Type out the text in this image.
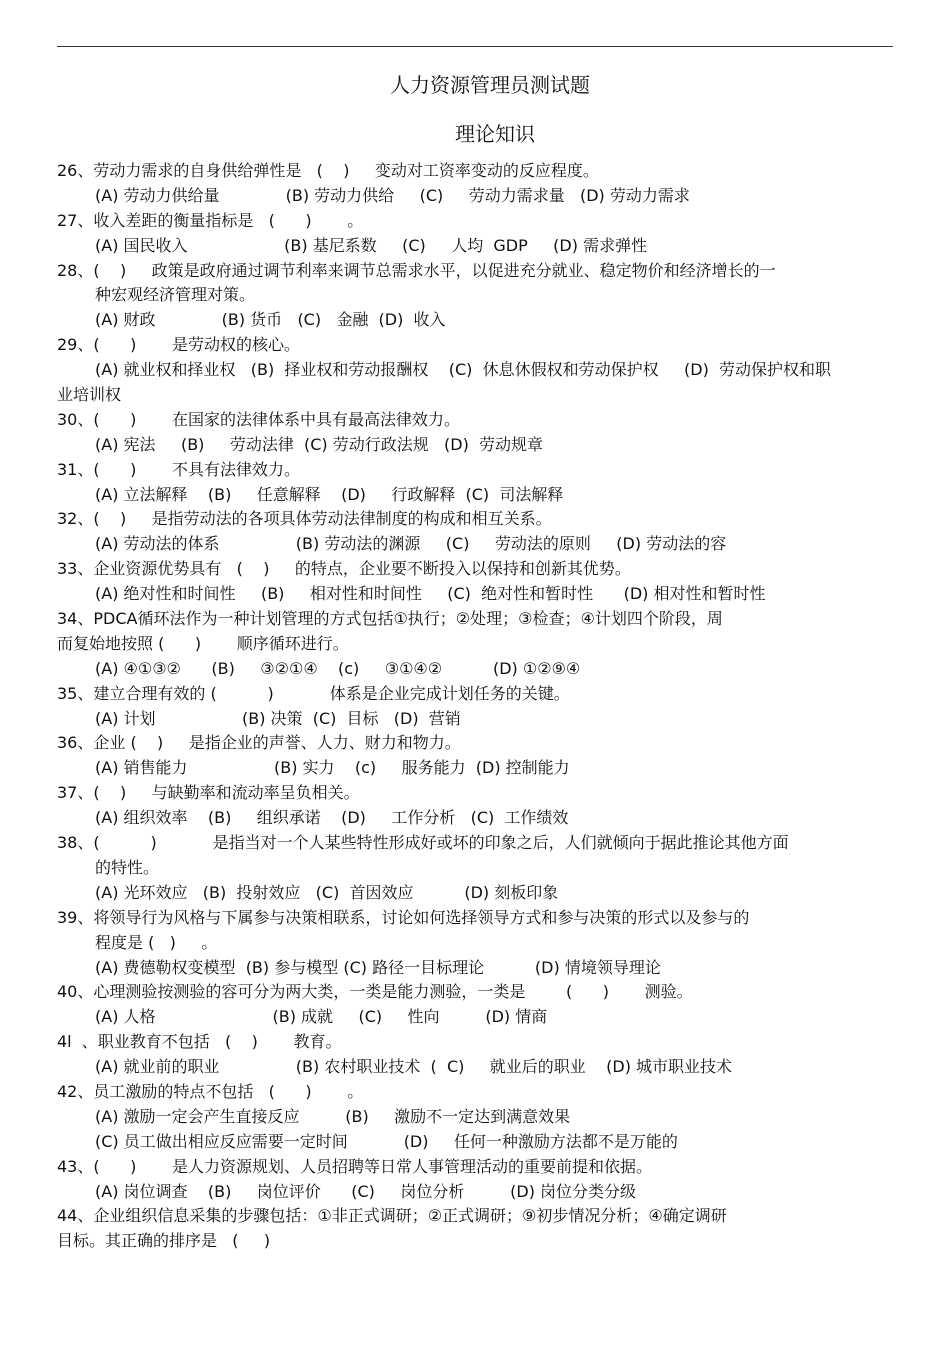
人力资源管理员测试题
理论知识
26、劳动力需求的自身供给弹性是   (    )     变动对工资率变动的反应程度。
(A) 劳动力供给量             (B) 劳动力供给     (C)     劳动力需求量   (D) 劳动力需求
27、收入差距的衡量指标是   (      )       。
(A) 国民收入                   (B) 基尼系数     (C)     人均  GDP     (D) 需求弹性
28、(    )     政策是政府通过调节利率来调节总需求水平，以促进充分就业、稳定物价和经济增长的一
种宏观经济管理对策。
(A) 财政             (B) 货币   (C)   金融  (D)  收入
29、(      )       是劳动权的核心。
(A) 就业权和择业权   (B)  择业权和劳动报酬权    (C)  休息休假权和劳动保护权     (D)  劳动保护权和职
业培训权
30、(      )       在国家的法律体系中具有最高法律效力。
(A) 宪法     (B)     劳动法律  (C) 劳动行政法规   (D)  劳动规章
31、(      )       不具有法律效力。
(A) 立法解释    (B)     任意解释    (D)     行政解释  (C)  司法解释
32、(    )     是指劳动法的各项具体劳动法律制度的构成和相互关系。
(A) 劳动法的体系               (B) 劳动法的渊源     (C)     劳动法的原则     (D) 劳动法的容
33、企业资源优势具有   (    )     的特点，企业要不断投入以保持和创新其优势。
(A) 绝对性和时间性     (B)     相对性和时间性     (C)  绝对性和暂时性      (D) 相对性和暂时性
34、PDCA循环法作为一种计划管理的方式包括①执行；②处理；③检查；④计划四个阶段，周
而复始地按照 (      )       顺序循环进行。
(A) ④①③②      (B)     ③②①④    (c)     ③①④②          (D) ①②⑨④
35、建立合理有效的 (          )           体系是企业完成计划任务的关键。
(A) 计划                 (B) 决策  (C)  目标   (D)  营销
36、企业 (    )     是指企业的声誉、人力、财力和物力。
(A) 销售能力                 (B) 实力    (c)     服务能力  (D) 控制能力
37、(    )     与缺勤率和流动率呈负相关。
(A) 组织效率    (B)     组织承诺    (D)     工作分析   (C)  工作绩效
38、(          )           是指当对一个人某些特性形成好或坏的印象之后，人们就倾向于据此推论其他方面
的特性。
(A) 光环效应   (B)  投射效应   (C)  首因效应          (D) 刻板印象
39、将领导行为风格与下属参与决策相联系，讨论如何选择领导方式和参与决策的形式以及参与的
程度是 (   )     。
(A) 费德勒权变模型  (B) 参与模型 (C) 路径一目标理论          (D) 情境领导理论
40、心理测验按测验的容可分为两大类，一类是能力测验，一类是        (      )       测验。
(A) 人格                       (B) 成就     (C)     性向         (D) 情商
4l  、职业教育不包括   (    )       教育。
(A) 就业前的职业               (B) 农村职业技术  (  C)     就业后的职业    (D) 城市职业技术
42、员工激励的特点不包括   (      )       。
(A) 激励一定会产生直接反应         (B)     激励不一定达到满意效果
(C) 员工做出相应反应需要一定时间           (D)     任何一种激励方法都不是万能的
43、(      )       是人力资源规划、人员招聘等日常人事管理活动的重要前提和依据。
(A) 岗位调查    (B)     岗位评价      (C)     岗位分析         (D) 岗位分类分级
44、企业组织信息采集的步骤包括：①非正式调研；②正式调研；⑨初步情况分析；④确定调研
目标。其正确的排序是   (     )
